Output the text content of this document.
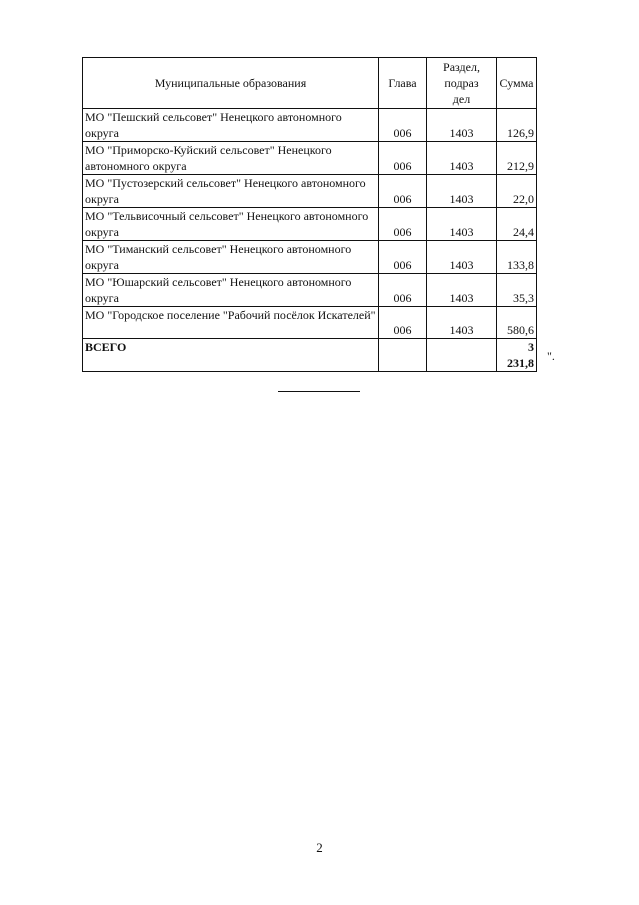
Муниципальные образования	Глава	Раздел,
подраз
дел	Сумма
МО "Пешский сельсовет" Ненецкого автономного округа	006	1403	126,9
МО "Приморско-Куйский сельсовет" Ненецкого автономного округа	006	1403	212,9
МО "Пустозерский сельсовет" Ненецкого автономного округа	006	1403	22,0
МО "Тельвисочный сельсовет" Ненецкого автономного округа	006	1403	24,4
МО "Тиманский сельсовет" Ненецкого автономного округа	006	1403	133,8
МО "Юшарский сельсовет" Ненецкого автономного округа	006	1403	35,3
МО "Городское поселение "Рабочий посёлок Искателей"	006	1403	580,6
ВСЕГО			3 231,8 ".
2
